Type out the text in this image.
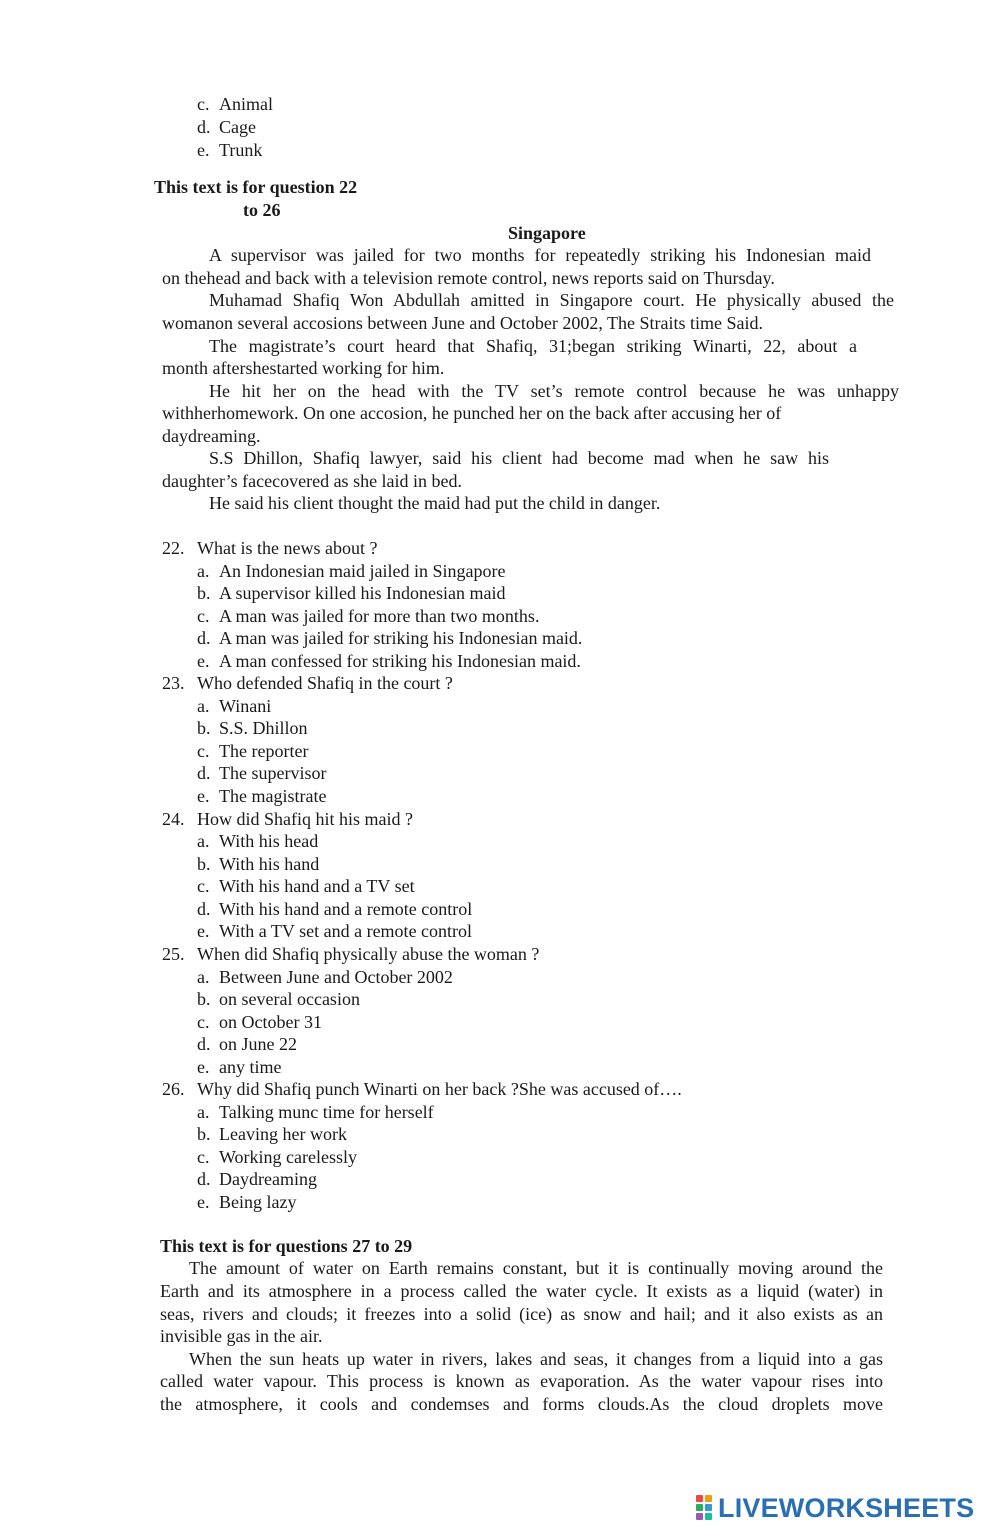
c. Animal
d. Cage
e. Trunk
This text is for question 22
to 26
Singapore
A supervisor was jailed for two months for repeatedly striking his Indonesian maid
on thehead and back with a television remote control, news reports said on Thursday.
Muhamad Shafiq Won Abdullah amitted in Singapore court. He physically abused the
womanon several accosions between June and October 2002, The Straits time Said.
The magistrate’s court heard that Shafiq, 31;began striking Winarti, 22, about a
month aftershestarted working for him.
He hit her on the head with the TV set’s remote control because he was unhappy
withherhomework. On one accosion, he punched her on the back after accusing her of
daydreaming.
S.S Dhillon, Shafiq lawyer, said his client had become mad when he saw his
daughter’s facecovered as she laid in bed.
He said his client thought the maid had put the child in danger.
22. What is the news about ?
a. An Indonesian maid jailed in Singapore
b. A supervisor killed his Indonesian maid
c. A man was jailed for more than two months.
d. A man was jailed for striking his Indonesian maid.
e. A man confessed for striking his Indonesian maid.
23. Who defended Shafiq in the court ?
a. Winani
b. S.S. Dhillon
c. The reporter
d. The supervisor
e. The magistrate
24. How did Shafiq hit his maid ?
a. With his head
b. With his hand
c. With his hand and a TV set
d. With his hand and a remote control
e. With a TV set and a remote control
25. When did Shafiq physically abuse the woman ?
a. Between June and October 2002
b. on several occasion
c. on October 31
d. on June 22
e. any time
26. Why did Shafiq punch Winarti on her back ?She was accused of….
a. Talking munc time for herself
b. Leaving her work
c. Working carelessly
d. Daydreaming
e. Being lazy
This text is for questions 27 to 29
The amount of water on Earth remains constant, but it is continually moving around the
Earth and its atmosphere in a process called the water cycle. It exists as a liquid (water) in
seas, rivers and clouds; it freezes into a solid (ice) as snow and hail; and it also exists as an
invisible gas in the air.
When the sun heats up water in rivers, lakes and seas, it changes from a liquid into a gas
called water vapour. This process is known as evaporation. As the water vapour rises into
the atmosphere, it cools and condemses and forms clouds.As the cloud droplets move
LIVEWORKSHEETS
